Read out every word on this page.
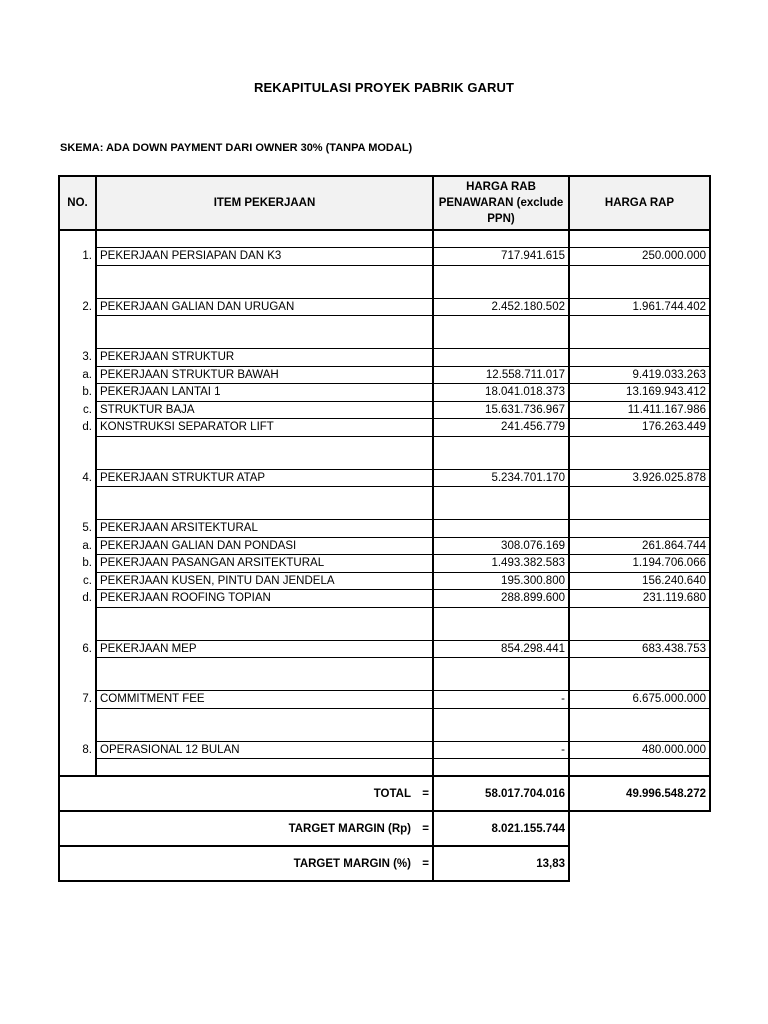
REKAPITULASI PROYEK PABRIK GARUT
SKEMA: ADA DOWN PAYMENT DARI OWNER 30% (TANPA MODAL)
NO.	ITEM PEKERJAAN	HARGA RAB PENAWARAN (exclude PPN)	HARGA RAP

1.	PEKERJAAN PERSIAPAN DAN K3	717.941.615	250.000.000

2.	PEKERJAAN GALIAN DAN URUGAN	2.452.180.502	1.961.744.402

3.	PEKERJAAN STRUKTUR		
a.	PEKERJAAN STRUKTUR BAWAH	12.558.711.017	9.419.033.263
b.	PEKERJAAN LANTAI 1	18.041.018.373	13.169.943.412
c.	STRUKTUR BAJA	15.631.736.967	11.411.167.986
d.	KONSTRUKSI SEPARATOR LIFT	241.456.779	176.263.449

4.	PEKERJAAN STRUKTUR ATAP	5.234.701.170	3.926.025.878

5.	PEKERJAAN ARSITEKTURAL		
a.	PEKERJAAN GALIAN DAN PONDASI	308.076.169	261.864.744
b.	PEKERJAAN PASANGAN ARSITEKTURAL	1.493.382.583	1.194.706.066
c.	PEKERJAAN KUSEN, PINTU DAN JENDELA	195.300.800	156.240.640
d.	PEKERJAAN ROOFING TOPIAN	288.899.600	231.119.680

6.	PEKERJAAN MEP	854.298.441	683.438.753

7.	COMMITMENT FEE	-	6.675.000.000

8.	OPERASIONAL 12 BULAN	-	480.000.000

TOTAL =		58.017.704.016	49.996.548.272
TARGET MARGIN (Rp) =		8.021.155.744	
TARGET MARGIN (%) =		13,83	
